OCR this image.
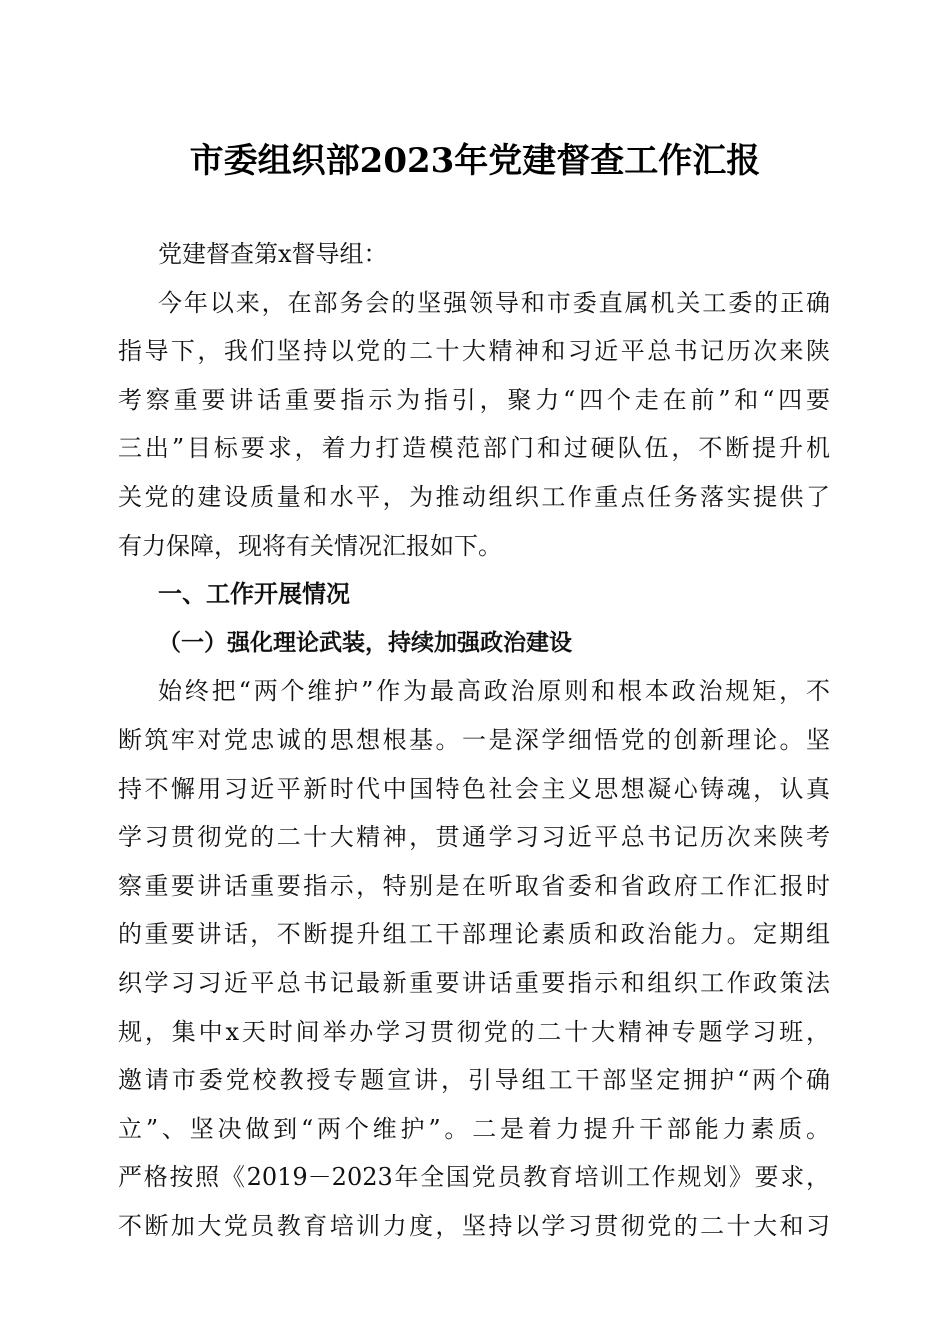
市委组织部2023年党建督查工作汇报
党建督查第x督导组：
今年以来，在部务会的坚强领导和市委直属机关工委的正确
指导下，我们坚持以党的二十大精神和习近平总书记历次来陕
考察重要讲话重要指示为指引，聚力“四个走在前”和“四要
三出”目标要求，着力打造模范部门和过硬队伍，不断提升机
关党的建设质量和水平，为推动组织工作重点任务落实提供了
有力保障，现将有关情况汇报如下。
一、工作开展情况
（一）强化理论武装，持续加强政治建设
始终把“两个维护”作为最高政治原则和根本政治规矩，不
断筑牢对党忠诚的思想根基。一是深学细悟党的创新理论。坚
持不懈用习近平新时代中国特色社会主义思想凝心铸魂，认真
学习贯彻党的二十大精神，贯通学习习近平总书记历次来陕考
察重要讲话重要指示，特别是在听取省委和省政府工作汇报时
的重要讲话，不断提升组工干部理论素质和政治能力。定期组
织学习习近平总书记最新重要讲话重要指示和组织工作政策法
规，集中x天时间举办学习贯彻党的二十大精神专题学习班，
邀请市委党校教授专题宣讲，引导组工干部坚定拥护“两个确
立”、坚决做到“两个维护”。二是着力提升干部能力素质。
严格按照《2019－2023年全国党员教育培训工作规划》要求，
不断加大党员教育培训力度，坚持以学习贯彻党的二十大和习
